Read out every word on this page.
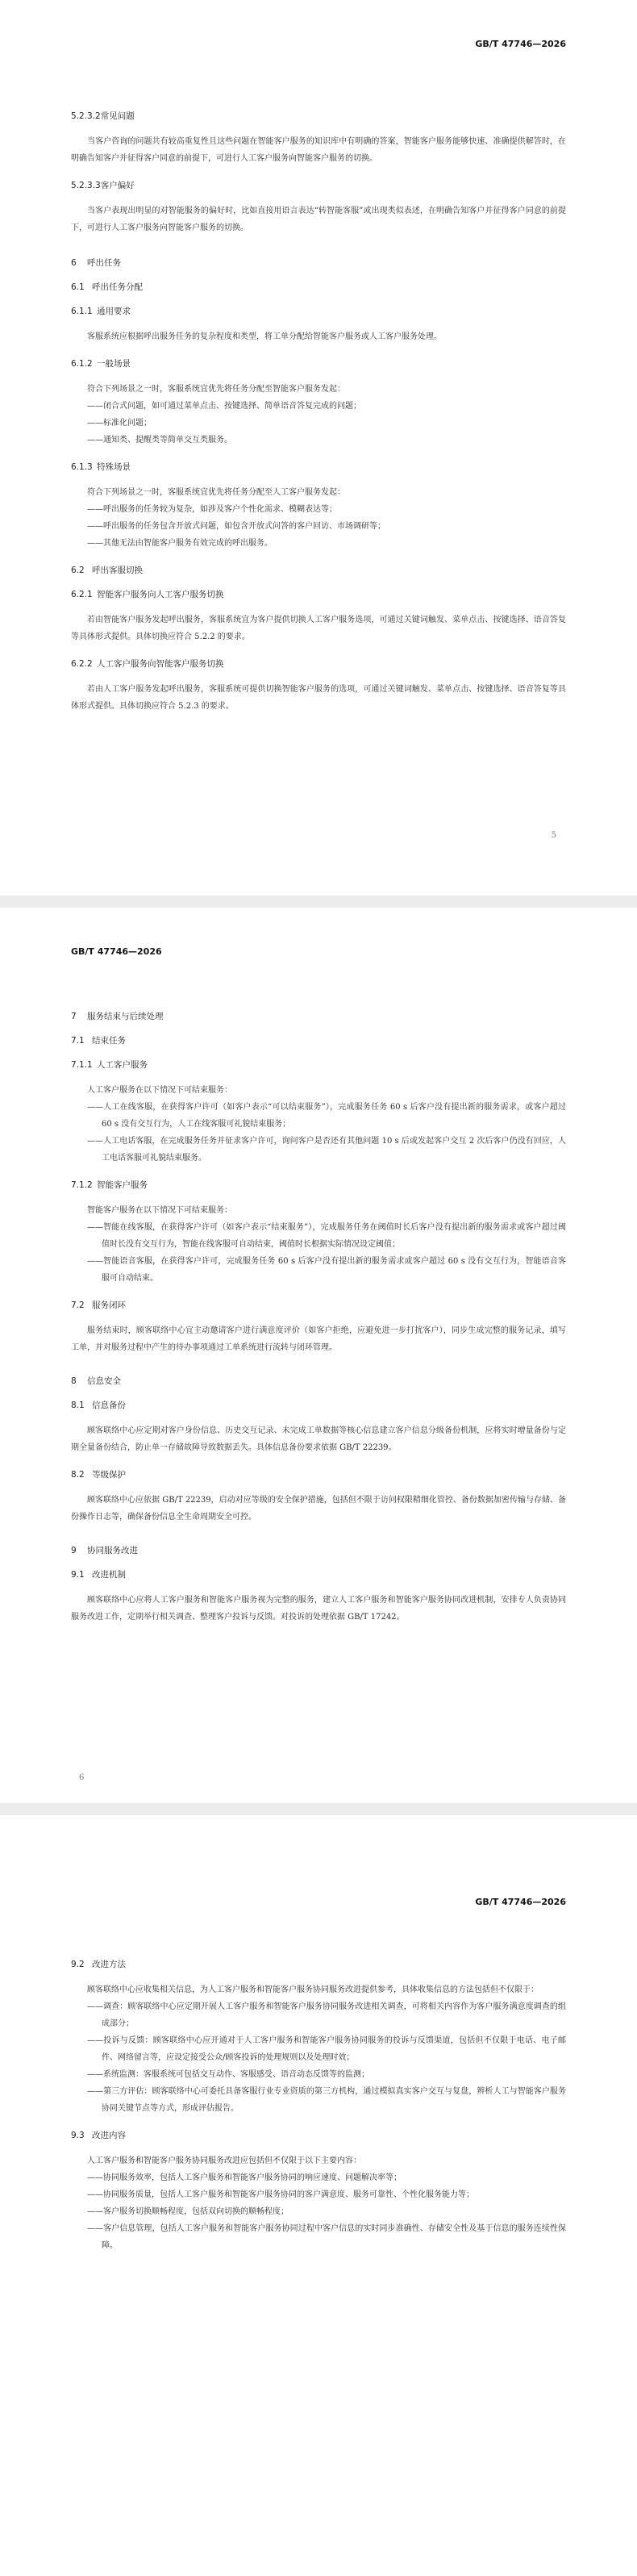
GB/T 47746—2026
5.2.3.2常见问题

当客户咨询的问题共有较高重复性且这些问题在智能客户服务的知识库中有明确的答案，智能客户服务能够快速、准确提供解答时，在明确告知客户并征得客户同意的前提下，可进行人工客户服务向智能客户服务的切换。

5.2.3.3客户偏好

当客户表现出明显的对智能服务的偏好时，比如直接用语言表达“转智能客服”或出现类似表述，在明确告知客户并征得客户同意的前提下，可进行人工客户服务向智能客户服务的切换。

6 呼出任务
6.1 呼出任务分配
6.1.1 通用要求

客服系统应根据呼出服务任务的复杂程度和类型，将工单分配给智能客户服务或人工客户服务处理。

6.1.2 一般场景

符合下列场景之一时，客服系统宜优先将任务分配至智能客户服务发起：

——闭合式问题，如可通过菜单点击、按键选择、简单语音答复完成的问题；
——标准化问题；
——通知类、提醒类等简单交互类服务。
6.1.3 特殊场景

符合下列场景之一时，客服系统宜优先将任务分配至人工客户服务发起：

——呼出服务的任务较为复杂，如涉及客户个性化需求、模糊表达等；
——呼出服务的任务包含开放式问题，如包含开放式问答的客户回访、市场调研等；
——其他无法由智能客户服务有效完成的呼出服务。
6.2 呼出客服切换
6.2.1 智能客户服务向人工客户服务切换

若由智能客户服务发起呼出服务，客服系统宜为客户提供切换人工客户服务选项，可通过关键词触发、菜单点击、按键选择、语音答复等具体形式提供。具体切换应符合 5.2.2 的要求。

6.2.2 人工客户服务向智能客户服务切换

若由人工客户服务发起呼出服务，客服系统可提供切换智能客户服务的选项，可通过关键词触发、菜单点击、按键选择、语音答复等具体形式提供。具体切换应符合 5.2.3 的要求。

5
GB/T 47746—2026
7 服务结束与后续处理
7.1 结束任务
7.1.1 人工客户服务

人工客户服务在以下情况下可结束服务：

——人工在线客服，在获得客户许可（如客户表示“可以结束服务”），完成服务任务 60 s 后客户没有提出新的服务需求，或客户超过 60 s 没有交互行为，人工在线客服可礼貌结束服务；
——人工电话客服，在完成服务任务并征求客户许可，询问客户是否还有其他问题 10 s 后或发起客户交互 2 次后客户仍没有回应，人工电话客服可礼貌结束服务。
7.1.2 智能客户服务

智能客户服务在以下情况下可结束服务：

——智能在线客服，在获得客户许可（如客户表示“结束服务”），完成服务任务在阈值时长后客户没有提出新的服务需求或客户超过阈值时长没有交互行为，智能在线客服可自动结束，阈值时长根据实际情况设定阈值；
——智能语音客服，在获得客户许可，完成服务任务 60 s 后客户没有提出新的服务需求或客户超过 60 s 没有交互行为，智能语音客服可自动结束。
7.2 服务闭环

服务结束时，顾客联络中心宜主动邀请客户进行满意度评价（如客户拒绝，应避免进一步打扰客户），同步生成完整的服务记录，填写工单，并对服务过程中产生的待办事项通过工单系统进行流转与闭环管理。

8 信息安全
8.1 信息备份

顾客联络中心应定期对客户身份信息、历史交互记录、未完成工单数据等核心信息建立客户信息分级备份机制，应将实时增量备份与定期全量备份结合，防止单一存储故障导致数据丢失。具体信息备份要求依据 GB/T 22239。

8.2 等级保护

顾客联络中心应依据 GB/T 22239，启动对应等级的安全保护措施，包括但不限于访问权限精细化管控、备份数据加密传输与存储、备份操作日志等，确保备份信息全生命周期安全可控。

9 协同服务改进
9.1 改进机制

顾客联络中心应将人工客户服务和智能客户服务视为完整的服务，建立人工客户服务和智能客户服务协同改进机制，安排专人负责协同服务改进工作，定期举行相关调查、整理客户投诉与反馈。对投诉的处理依据 GB/T 17242。

6
GB/T 47746—2026
9.2 改进方法

顾客联络中心应收集相关信息，为人工客户服务和智能客户服务协同服务改进提供参考，具体收集信息的方法包括但不仅限于：

——调查：顾客联络中心应定期开展人工客户服务和智能客户服务协同服务改进相关调查，可将相关内容作为客户服务满意度调查的组成部分；
——投诉与反馈：顾客联络中心应开通对于人工客户服务和智能客户服务协同服务的投诉与反馈渠道，包括但不仅限于电话、电子邮件、网络留言等，应设定接受公众/顾客投诉的处理规则以及处理时效；
——系统监测：客服系统可包括交互动作、客服感受、语音动态反馈等的监测；
——第三方评估：顾客联络中心可委托具备客服行业专业资质的第三方机构，通过模拟真实客户交互与复盘，辨析人工与智能客户服务协同关键节点等方式，形成评估报告。
9.3 改进内容

人工客户服务和智能客户服务协同服务改进应包括但不仅限于以下主要内容：

——协同服务效率，包括人工客户服务和智能客户服务协同的响应速度、问题解决率等；
——协同服务质量，包括人工客户服务和智能客户服务协同的客户满意度、服务可靠性、个性化服务能力等；
——客户服务切换顺畅程度，包括双向切换的顺畅程度；
——客户信息管理，包括人工客户服务和智能客户服务协同过程中客户信息的实时同步准确性、存储安全性及基于信息的服务连续性保障。
